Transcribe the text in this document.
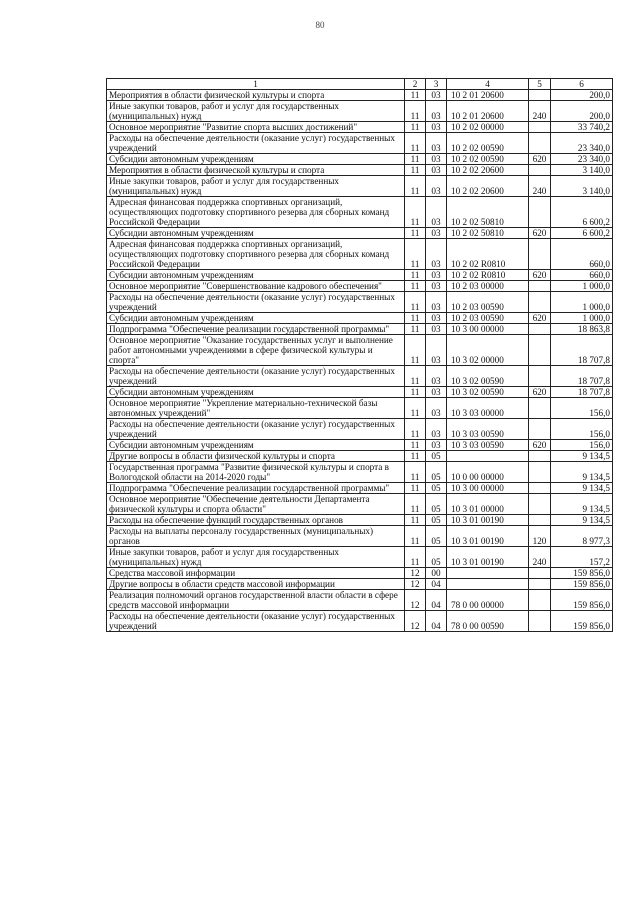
80
1	2	3	4	5	6
Мероприятия в области физической культуры и спорта	11	03	10 2 01 20600		200,0
Иные закупки товаров, работ и услуг для государственных (муниципальных) нужд	11	03	10 2 01 20600	240	200,0
Основное мероприятие "Развитие спорта высших достижений"	11	03	10 2 02 00000		33 740,2
Расходы на обеспечение деятельности (оказание услуг) государственных учреждений	11	03	10 2 02 00590		23 340,0
Субсидии автономным учреждениям	11	03	10 2 02 00590	620	23 340,0
Мероприятия в области физической культуры и спорта	11	03	10 2 02 20600		3 140,0
Иные закупки товаров, работ и услуг для государственных (муниципальных) нужд	11	03	10 2 02 20600	240	3 140,0
Адресная финансовая поддержка спортивных организаций, осуществляющих подготовку спортивного резерва для сборных команд Российской Федерации	11	03	10 2 02 50810		6 600,2
Субсидии автономным учреждениям	11	03	10 2 02 50810	620	6 600,2
Адресная финансовая поддержка спортивных организаций, осуществляющих подготовку спортивного резерва для сборных команд Российской Федерации	11	03	10 2 02 R0810		660,0
Субсидии автономным учреждениям	11	03	10 2 02 R0810	620	660,0
Основное мероприятие "Совершенствование кадрового обеспечения"	11	03	10 2 03 00000		1 000,0
Расходы на обеспечение деятельности (оказание услуг) государственных учреждений	11	03	10 2 03 00590		1 000,0
Субсидии автономным учреждениям	11	03	10 2 03 00590	620	1 000,0
Подпрограмма "Обеспечение реализации государственной программы"	11	03	10 3 00 00000		18 863,8
Основное мероприятие "Оказание государственных услуг и выполнение работ автономными учреждениями в сфере физической культуры и спорта"	11	03	10 3 02 00000		18 707,8
Расходы на обеспечение деятельности (оказание услуг) государственных учреждений	11	03	10 3 02 00590		18 707,8
Субсидии автономным учреждениям	11	03	10 3 02 00590	620	18 707,8
Основное мероприятие "Укрепление материально-технической базы автономных учреждений"	11	03	10 3 03 00000		156,0
Расходы на обеспечение деятельности (оказание услуг) государственных учреждений	11	03	10 3 03 00590		156,0
Субсидии автономным учреждениям	11	03	10 3 03 00590	620	156,0
Другие вопросы в области физической культуры и спорта	11	05			9 134,5
Государственная программа "Развитие физической культуры и спорта в Вологодской области на 2014-2020 годы"	11	05	10 0 00 00000		9 134,5
Подпрограмма "Обеспечение реализации государственной программы"	11	05	10 3 00 00000		9 134,5
Основное мероприятие "Обеспечение деятельности Департамента физической культуры и спорта области"	11	05	10 3 01 00000		9 134,5
Расходы на обеспечение функций государственных органов	11	05	10 3 01 00190		9 134,5
Расходы на выплаты персоналу государственных (муниципальных) органов	11	05	10 3 01 00190	120	8 977,3
Иные закупки товаров, работ и услуг для государственных (муниципальных) нужд	11	05	10 3 01 00190	240	157,2
Средства массовой информации	12	00			159 856,0
Другие вопросы в области средств массовой информации	12	04			159 856,0
Реализация полномочий органов государственной власти области в сфере средств массовой информации	12	04	78 0 00 00000		159 856,0
Расходы на обеспечение деятельности (оказание услуг) государственных учреждений	12	04	78 0 00 00590		159 856,0
